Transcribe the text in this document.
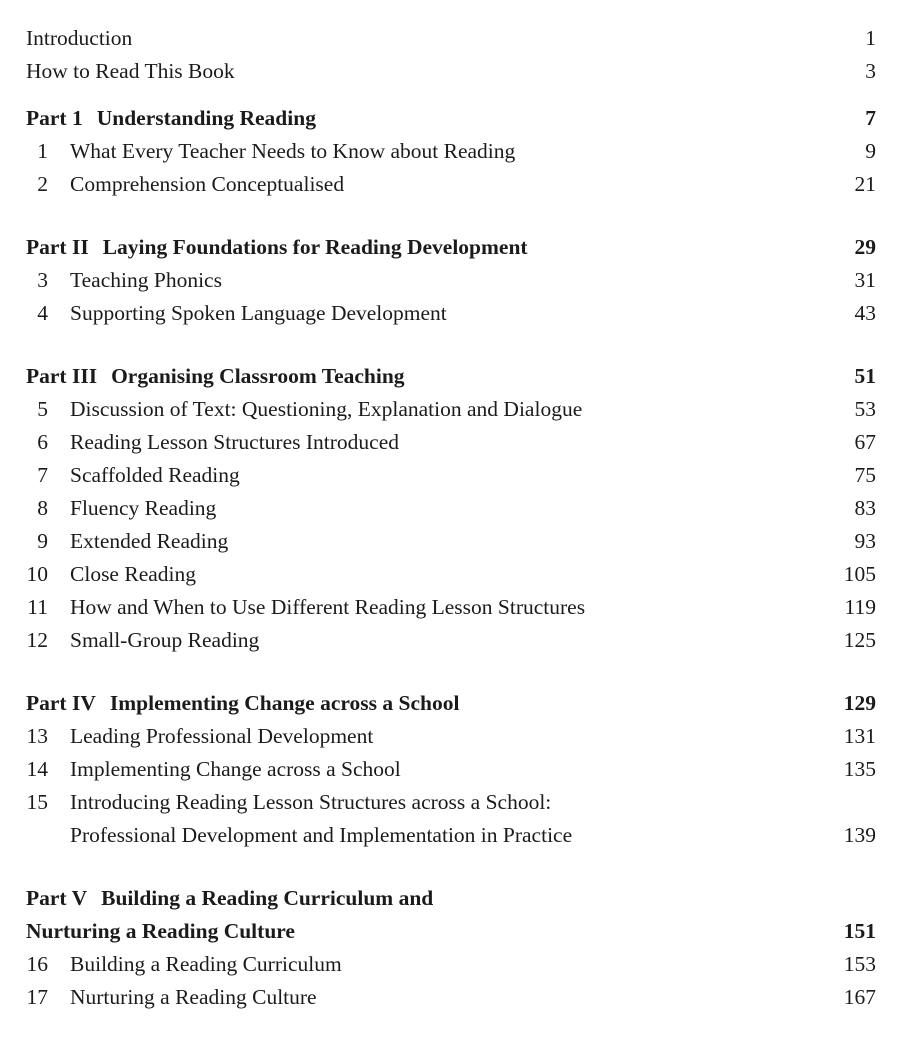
Introduction	1
How to Read This Book	3
Part 1 Understanding Reading	7
1	What Every Teacher Needs to Know about Reading	9
2	Comprehension Conceptualised	21
Part II Laying Foundations for Reading Development	29
3	Teaching Phonics	31
4	Supporting Spoken Language Development	43
Part III Organising Classroom Teaching	51
5	Discussion of Text: Questioning, Explanation and Dialogue	53
6	Reading Lesson Structures Introduced	67
7	Scaffolded Reading	75
8	Fluency Reading	83
9	Extended Reading	93
10	Close Reading	105
11	How and When to Use Different Reading Lesson Structures	119
12	Small-Group Reading	125
Part IV Implementing Change across a School	129
13	Leading Professional Development	131
14	Implementing Change across a School	135
15	Introducing Reading Lesson Structures across a School:
Professional Development and Implementation in Practice	139
Part V Building a Reading Curriculum and
Nurturing a Reading Culture	151
16	Building a Reading Curriculum	153
17	Nurturing a Reading Culture	167
